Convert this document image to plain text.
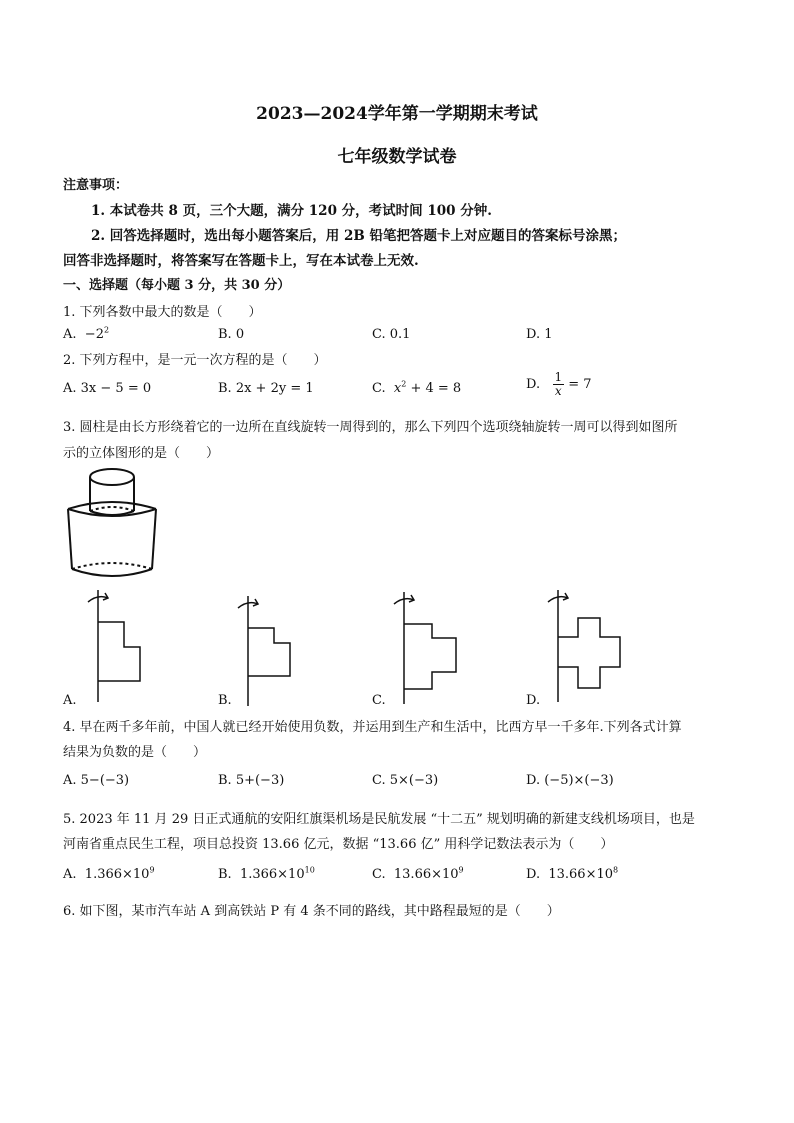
2023—2024学年第一学期期末考试
七年级数学试卷
注意事项：
1. 本试卷共 8 页，三个大题，满分 120 分，考试时间 100 分钟.
2. 回答选择题时，选出每小题答案后，用 2B 铅笔把答题卡上对应题目的答案标号涂黑；
回答非选择题时，将答案写在答题卡上，写在本试卷上无效.
一、选择题（每小题 3 分，共 30 分）
1. 下列各数中最大的数是（　　）
A. $-2^2$	B. 0	C. 0.1	D. 1
2. 下列方程中，是一元一次方程的是（　　）
A. 3x − 5 = 0	B. 2x + 2y = 1	C. $x^2 + 4 = 8$	D. $\frac{1}{x} = 7$
3. 圆柱是由长方形绕着它的一边所在直线旋转一周得到的，那么下列四个选项绕轴旋转一周可以得到如图所
示的立体图形的是（　　）
A.	B.	C.	D.
4. 早在两千多年前，中国人就已经开始使用负数，并运用到生产和生活中，比西方早一千多年.下列各式计算
结果为负数的是（　　）
A. 5−(−3)	B. 5+(−3)	C. 5×(−3)	D. (−5)×(−3)
5. 2023 年 11 月 29 日正式通航的安阳红旗渠机场是民航发展 “十二五” 规划明确的新建支线机场项目，也是
河南省重点民生工程，项目总投资 13.66 亿元，数据 “13.66 亿” 用科学记数法表示为（　　）
A. $1.366\times 10^9$	B. $1.366\times 10^{10}$	C. $13.66\times 10^9$	D. $13.66\times 10^8$
6. 如下图，某市汽车站 A 到高铁站 P 有 4 条不同的路线，其中路程最短的是（　　）
